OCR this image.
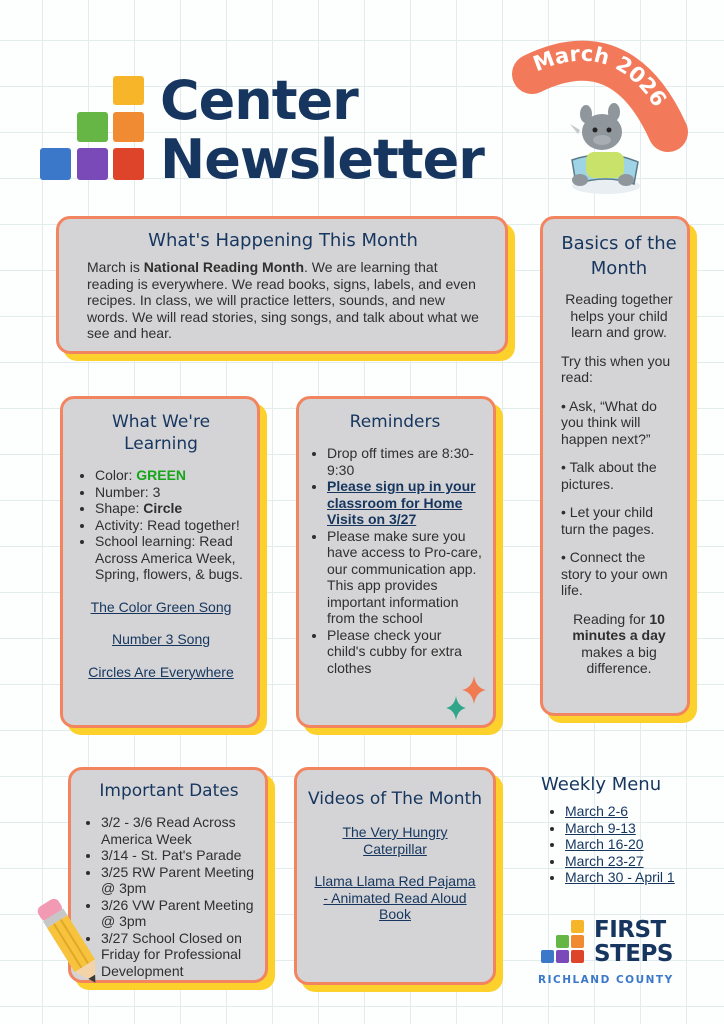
Center
Newsletter
March 2026
What's Happening This Month

March is National Reading Month. We are learning that reading is everywhere. We read books, signs, labels, and even recipes. In class, we will practice letters, sounds, and new words. We will read stories, sing songs, and talk about what we see and hear.

Basics of the Month

Reading together helps your child learn and grow.

Try this when you read:

• Ask, “What do you think will happen next?”

• Talk about the pictures.

• Let your child turn the pages.

• Connect the story to your own life.

Reading for 10 minutes a day makes a big difference.

What We're Learning
• Color: GREEN
• Number: 3
• Shape: Circle
• Activity: Read together!
• School learning: Read Across America Week, Spring, flowers, & bugs.

The Color Green Song

Number 3 Song

Circles Are Everywhere

Reminders
• Drop off times are 8:30-9:30
• Please sign up in your classroom for Home Visits on 3/27
• Please make sure you have access to Pro-care, our communication app. This app provides important information from the school
• Please check your child's cubby for extra clothes
Important Dates
• 3/2 - 3/6 Read Across America Week
• 3/14 - St. Pat's Parade
• 3/25 RW Parent Meeting @ 3pm
• 3/26 VW Parent Meeting @ 3pm
• 3/27 School Closed on Friday for Professional Development
Videos of The Month

The Very Hungry Caterpillar

Llama Llama Red Pajama - Animated Read Aloud Book

Weekly Menu
• March 2-6
• March 9-13
• March 16-20
• March 23-27
• March 30 - April 1
FIRST
STEPS
RICHLAND COUNTY
